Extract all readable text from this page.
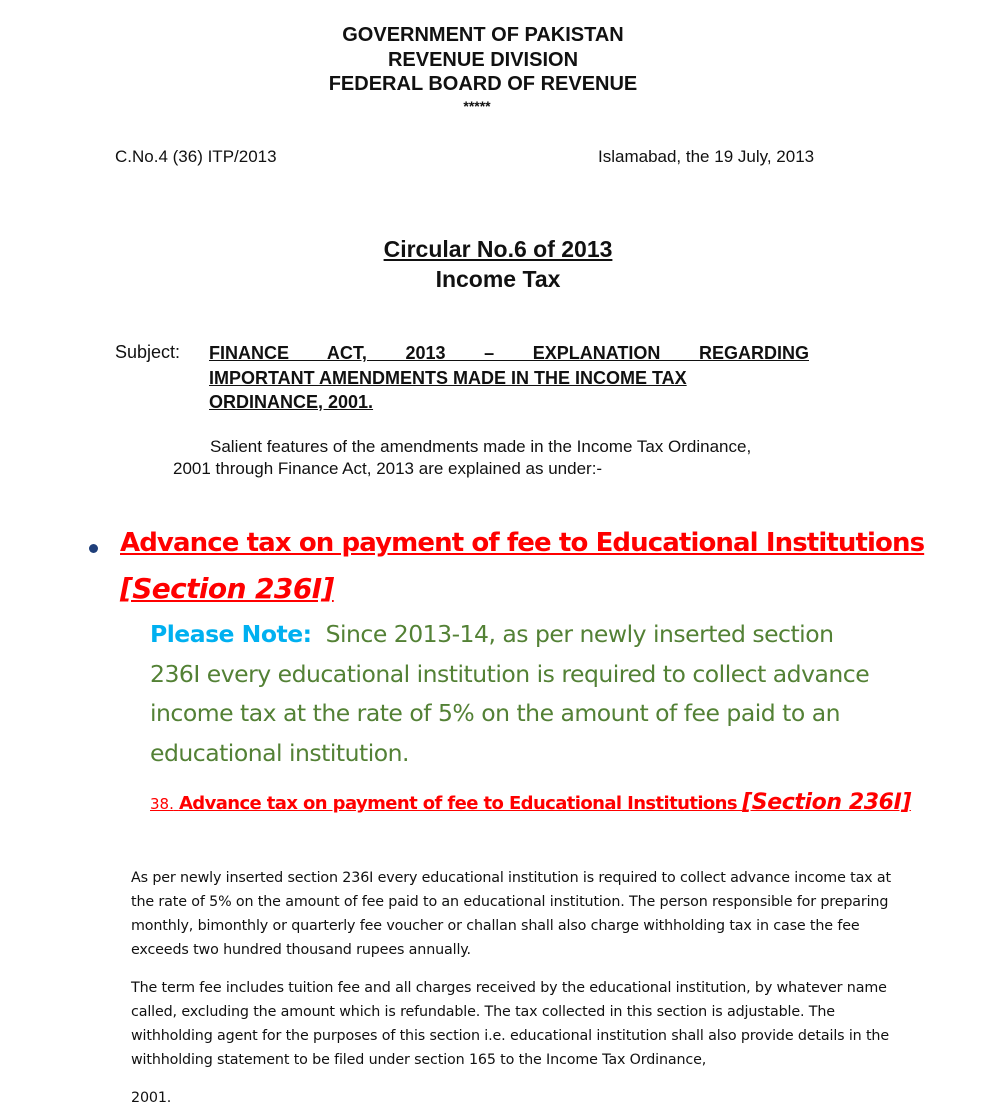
GOVERNMENT OF PAKISTAN
REVENUE DIVISION
FEDERAL BOARD OF REVENUE
*****
C.No.4 (36) ITP/2013	Islamabad, the 19 July, 2013
Circular No.6 of 2013
Income Tax
Subject: FINANCE ACT, 2013 – EXPLANATION REGARDING
IMPORTANT AMENDMENTS MADE IN THE INCOME TAX
ORDINANCE, 2001.
Salient features of the amendments made in the Income Tax Ordinance,
2001 through Finance Act, 2013 are explained as under:-
Advance tax on payment of fee to Educational Institutions
[Section 236I]
Please Note: Since 2013-14, as per newly inserted section
236I every educational institution is required to collect advance
income tax at the rate of 5% on the amount of fee paid to an
educational institution.
38. Advance tax on payment of fee to Educational Institutions [Section 236I]
As per newly inserted section 236I every educational institution is required to collect advance income tax at
the rate of 5% on the amount of fee paid to an educational institution. The person responsible for preparing
monthly, bimonthly or quarterly fee voucher or challan shall also charge withholding tax in case the fee
exceeds two hundred thousand rupees annually.
The term fee includes tuition fee and all charges received by the educational institution, by whatever name
called, excluding the amount which is refundable. The tax collected in this section is adjustable. The
withholding agent for the purposes of this section i.e. educational institution shall also provide details in the
withholding statement to be filed under section 165 to the Income Tax Ordinance,
2001.
